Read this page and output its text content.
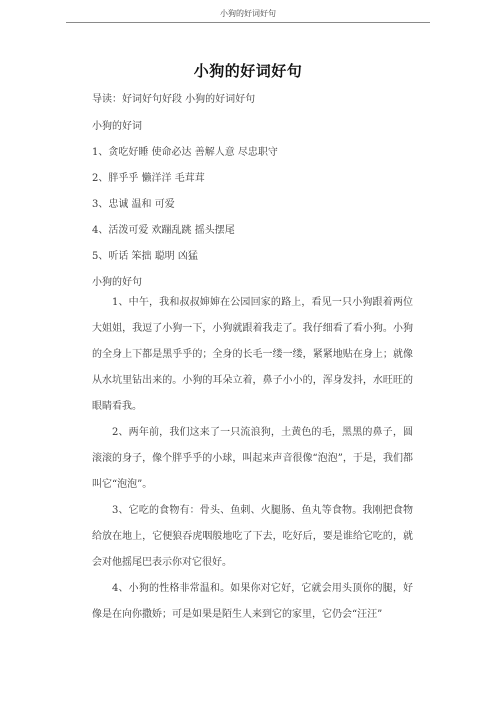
小狗的好词好句
小狗的好词好句
导读：好词好句好段 小狗的好词好句
小狗的好词
1、贪吃好睡 使命必达 善解人意 尽忠职守
2、胖乎乎 懒洋洋 毛茸茸
3、忠诚 温和 可爱
4、活泼可爱 欢蹦乱跳 摇头摆尾
5、听话 笨拙 聪明 凶猛
小狗的好句
1、中午，我和叔叔婶婶在公园回家的路上，看见一只小狗跟着两位大姐姐，我逗了小狗一下，小狗就跟着我走了。我仔细看了看小狗。小狗的全身上下都是黑乎乎的；全身的长毛一缕一缕，紧紧地贴在身上；就像从水坑里钻出来的。小狗的耳朵立着，鼻子小小的，浑身发抖，水旺旺的眼睛看我。
2、两年前，我们这来了一只流浪狗，土黄色的毛，黑黑的鼻子，圆滚滚的身子，像个胖乎乎的小球，叫起来声音很像“泡泡”，于是，我们都叫它“泡泡”。
3、它吃的食物有：骨头、鱼刺、火腿肠、鱼丸等食物。我刚把食物给放在地上，它便狼吞虎咽般地吃了下去，吃好后，要是谁给它吃的，就会对他摇尾巴表示你对它很好。
4、小狗的性格非常温和。如果你对它好，它就会用头顶你的腿，好像是在向你撒娇；可是如果是陌生人来到它的家里，它仍会“汪汪”
